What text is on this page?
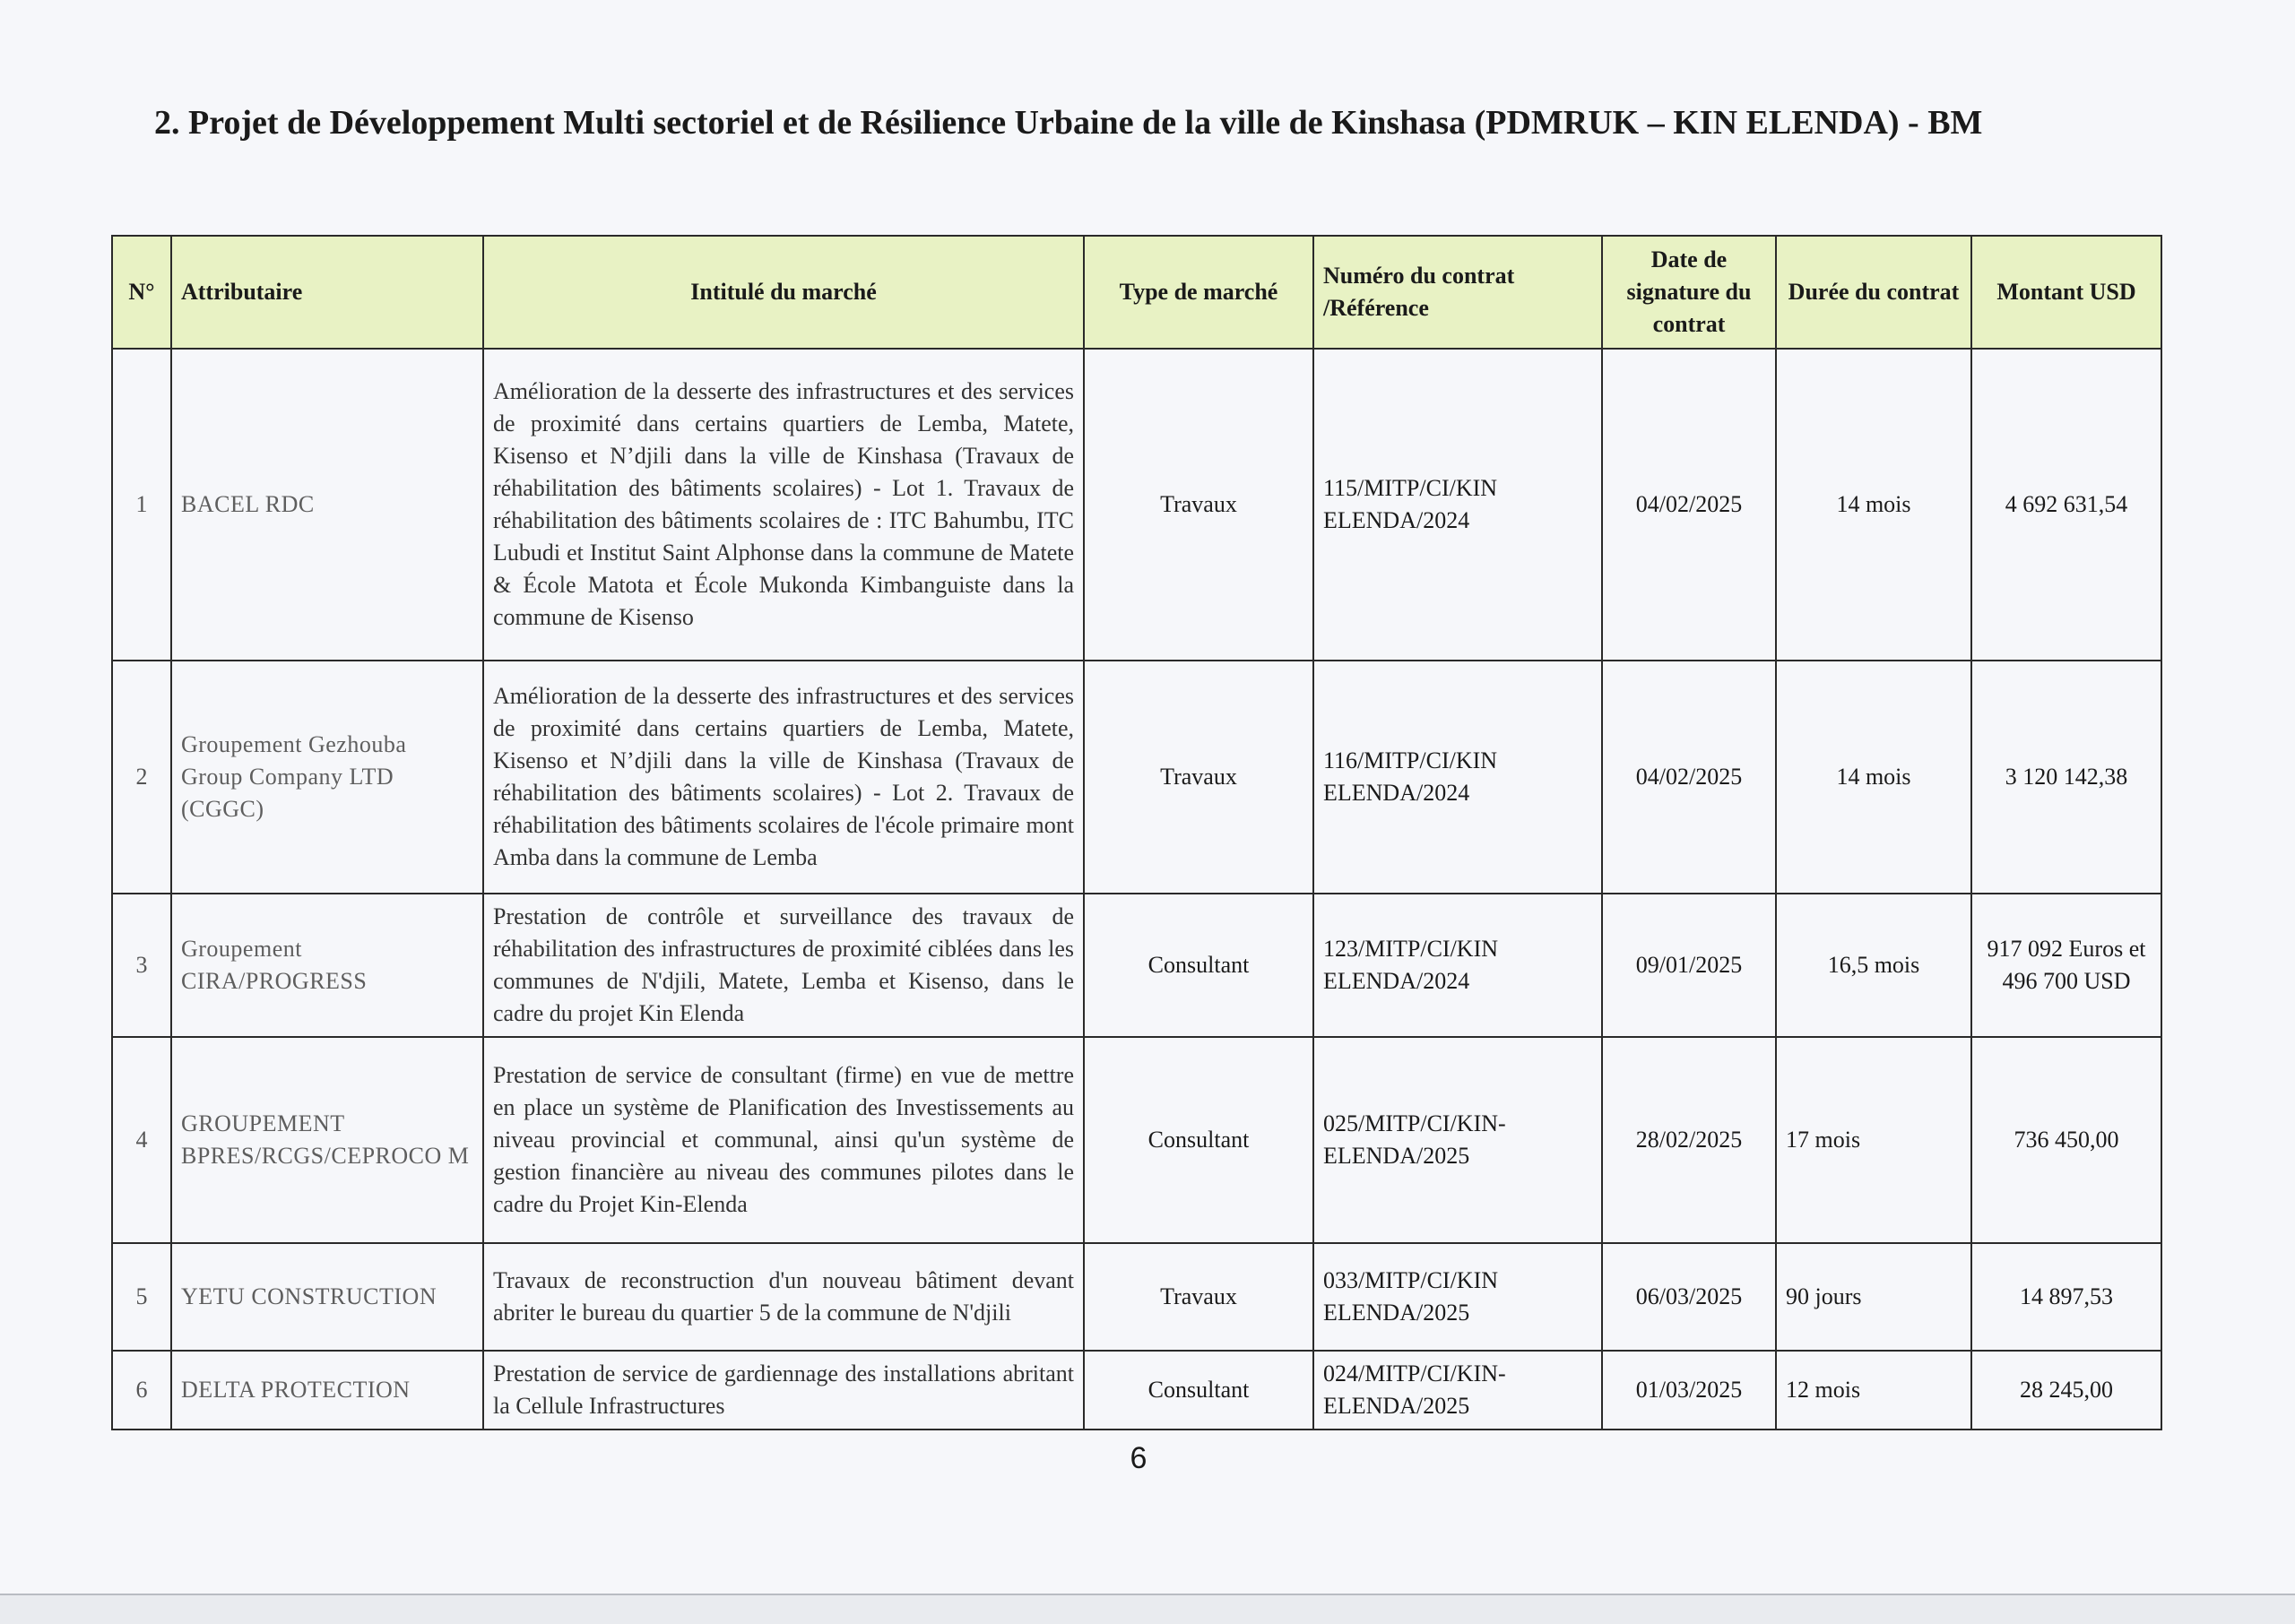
2. Projet de Développement Multi sectoriel et de Résilience Urbaine de la ville de Kinshasa (PDMRUK – KIN ELENDA) - BM
N°	Attributaire	Intitulé du marché	Type de marché	Numéro du contrat /Référence	Date de signature du contrat	Durée du contrat	Montant USD
1	BACEL RDC	Amélioration de la desserte des infrastructures et des services de proximité dans certains quartiers de Lemba, Matete, Kisenso et N’djili dans la ville de Kinshasa (Travaux de réhabilitation des bâtiments scolaires) - Lot 1. Travaux de réhabilitation des bâtiments scolaires de : ITC Bahumbu, ITC Lubudi et Institut Saint Alphonse dans la commune de Matete & École Matota et École Mukonda Kimbanguiste dans la commune de Kisenso	Travaux	115/MITP/CI/KIN ELENDA/2024	04/02/2025	14 mois	4 692 631,54
2	Groupement Gezhouba Group Company LTD (CGGC)	Amélioration de la desserte des infrastructures et des services de proximité dans certains quartiers de Lemba, Matete, Kisenso et N’djili dans la ville de Kinshasa (Travaux de réhabilitation des bâtiments scolaires) - Lot 2. Travaux de réhabilitation des bâtiments scolaires de l'école primaire mont Amba dans la commune de Lemba	Travaux	116/MITP/CI/KIN ELENDA/2024	04/02/2025	14 mois	3 120 142,38
3	Groupement CIRA/PROGRESS	Prestation de contrôle et surveillance des travaux de réhabilitation des infrastructures de proximité ciblées dans les communes de N'djili, Matete, Lemba et Kisenso, dans le cadre du projet Kin Elenda	Consultant	123/MITP/CI/KIN ELENDA/2024	09/01/2025	16,5 mois	917 092 Euros et 496 700 USD
4	GROUPEMENT BPRES/RCGS/CEPROCO M	Prestation de service de consultant (firme) en vue de mettre en place un système de Planification des Investissements au niveau provincial et communal, ainsi qu'un système de gestion financière au niveau des communes pilotes dans le cadre du Projet Kin-Elenda	Consultant	025/MITP/CI/KIN-ELENDA/2025	28/02/2025	17 mois	736 450,00
5	YETU CONSTRUCTION	Travaux de reconstruction d'un nouveau bâtiment devant abriter le bureau du quartier 5 de la commune de N'djili	Travaux	033/MITP/CI/KIN ELENDA/2025	06/03/2025	90 jours	14 897,53
6	DELTA PROTECTION	Prestation de service de gardiennage des installations abritant la Cellule Infrastructures	Consultant	024/MITP/CI/KIN-ELENDA/2025	01/03/2025	12 mois	28 245,00
6
